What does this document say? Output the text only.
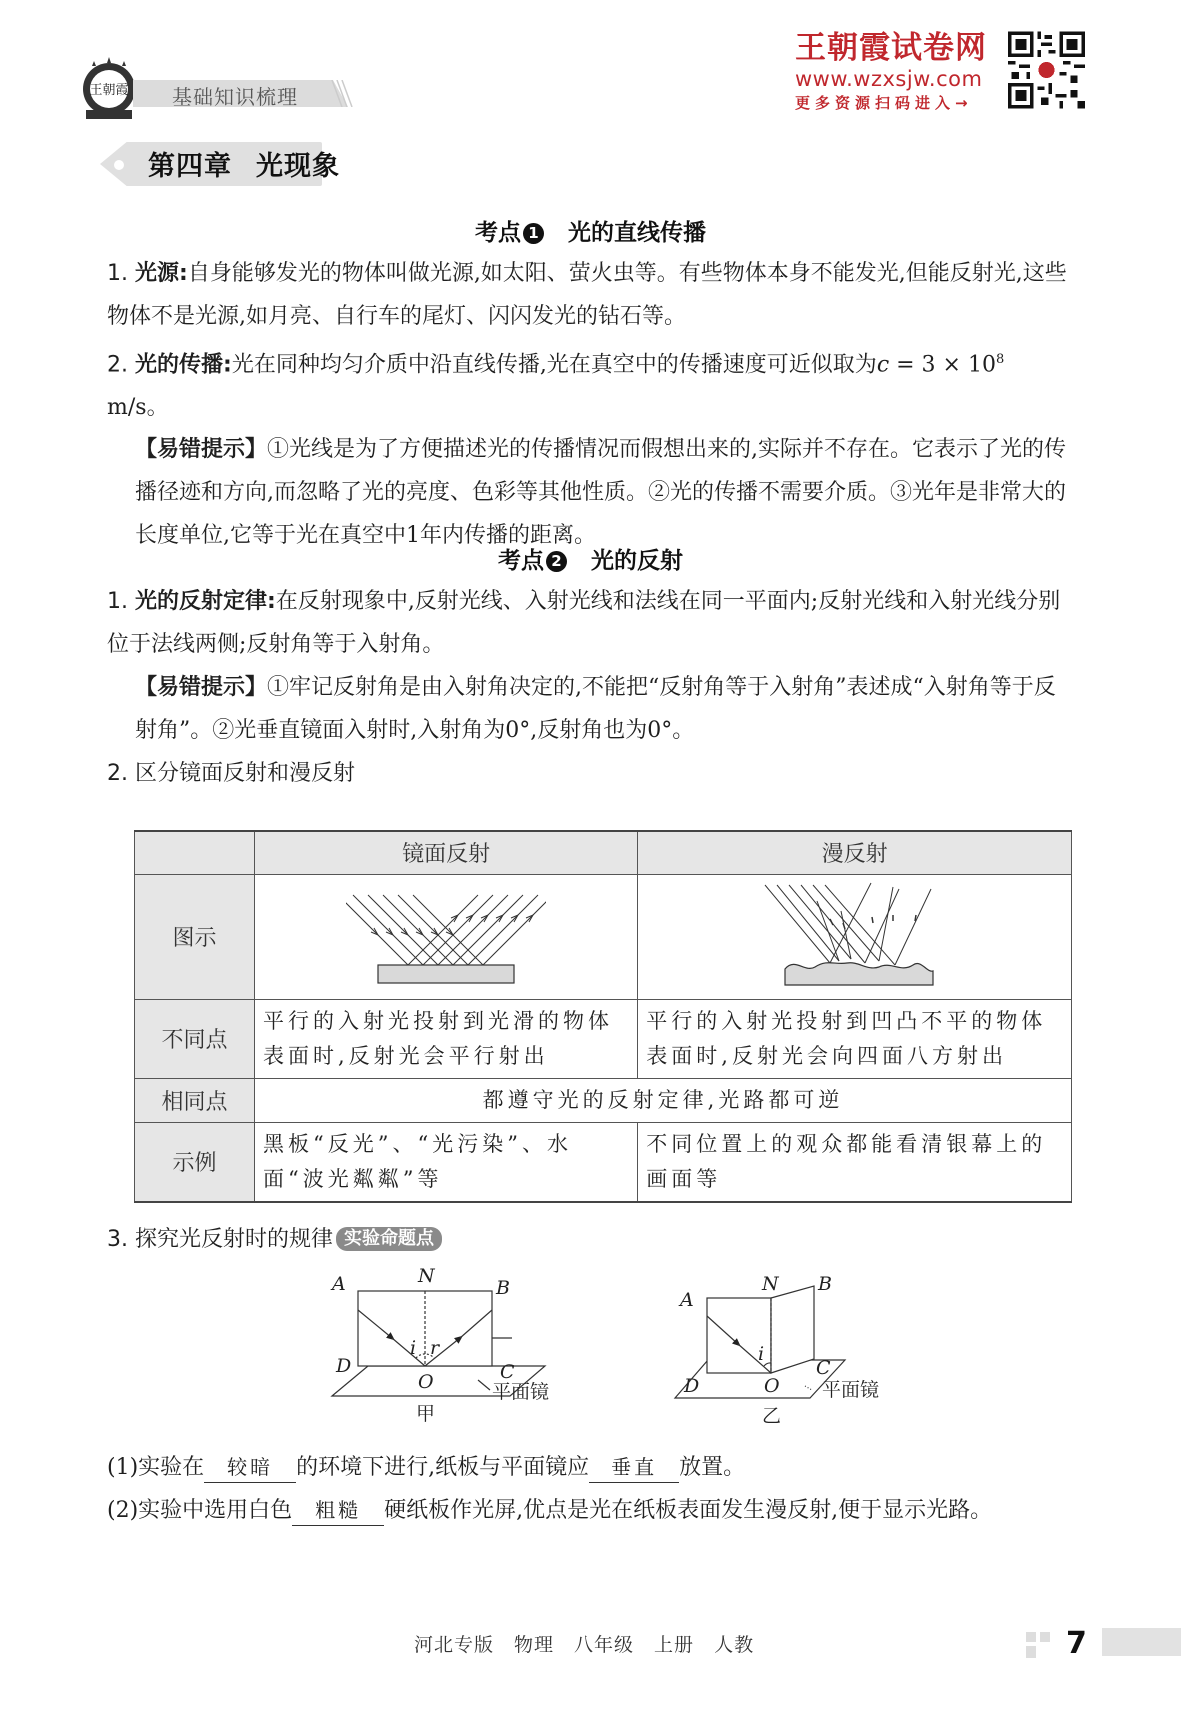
王朝霞 基础知识梳理
王朝霞试卷网
www.wzxsjw.com
更多资源扫码进入→
第四章 光现象
考点 1 光的直线传播
1. 光源:自身能够发光的物体叫做光源,如太阳、萤火虫等。有些物体本身不能发光,但能反射光,这些物体不是光源,如月亮、自行车的尾灯、闪闪发光的钻石等。
2. 光的传播:光在同种均匀介质中沿直线传播,光在真空中的传播速度可近似取为$c = 3 \times 10^8$ m/s。
【易错提示】①光线是为了方便描述光的传播情况而假想出来的,实际并不存在。它表示了光的传播径迹和方向,而忽略了光的亮度、色彩等其他性质。②光的传播不需要介质。③光年是非常大的长度单位,它等于光在真空中1年内传播的距离。
考点 2 光的反射
1. 光的反射定律:在反射现象中,反射光线、入射光线和法线在同一平面内;反射光线和入射光线分别位于法线两侧;反射角等于入射角。
【易错提示】①牢记反射角是由入射角决定的,不能把“反射角等于入射角”表述成“入射角等于反射角”。②光垂直镜面入射时,入射角为0°,反射角也为0°。
2. 区分镜面反射和漫反射
	镜面反射	漫反射
图示		
不同点	平行的入射光投射到光滑的物体表面时,反射光会平行射出	平行的入射光投射到凹凸不平的物体表面时,反射光会向四面八方射出
相同点	都遵守光的反射定律,光路都可逆	
示例	黑板“反光”、“光污染”、水面“波光粼粼”等	不同位置上的观众都能看清银幕上的画面等
3. 探究光反射时的规律 实验命题点
A	N
B
D	C
O
i r
平面镜
甲
A
N B
D
C
O
i
平面镜
乙
(1)实验在 较暗 的环境下进行,纸板与平面镜应 垂直 放置。
(2)实验中选用白色 粗糙 硬纸板作光屏,优点是光在纸板表面发生漫反射,便于显示光路。
河北专版 物理 八年级 上册 人教	7
